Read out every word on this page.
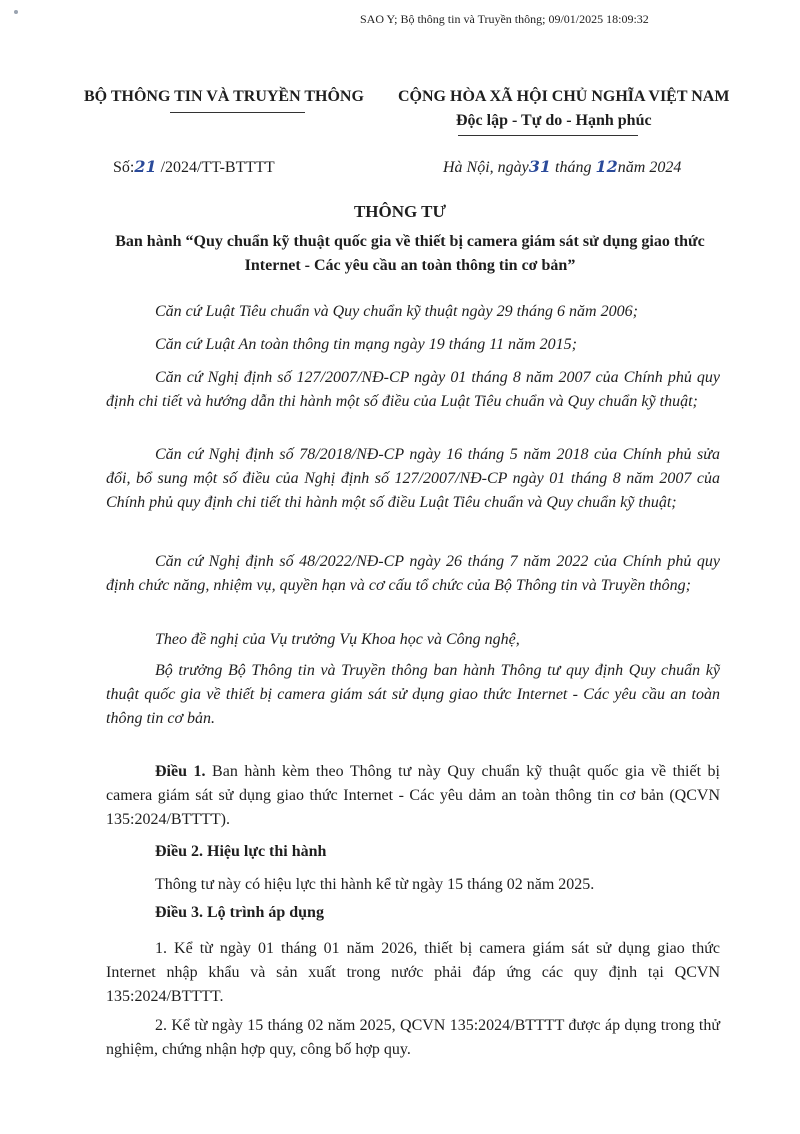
SAO Y; Bộ thông tin và Truyền thông; 09/01/2025 18:09:32
BỘ THÔNG TIN VÀ TRUYỀN THÔNG	CỘNG HÒA XÃ HỘI CHỦ NGHĨA VIỆT NAM
Độc lập - Tự do - Hạnh phúc
Số:21 /2024/TT-BTTTT	Hà Nội, ngày31 tháng 12năm 2024
THÔNG TƯ
Ban hành “Quy chuẩn kỹ thuật quốc gia về thiết bị camera giám sát sử dụng giao thức Internet - Các yêu cầu an toàn thông tin cơ bản”
Căn cứ Luật Tiêu chuẩn và Quy chuẩn kỹ thuật ngày 29 tháng 6 năm 2006;
Căn cứ Luật An toàn thông tin mạng ngày 19 tháng 11 năm 2015;
Căn cứ Nghị định số 127/2007/NĐ-CP ngày 01 tháng 8 năm 2007 của Chính phủ quy định chi tiết và hướng dẫn thi hành một số điều của Luật Tiêu chuẩn và Quy chuẩn kỹ thuật;
Căn cứ Nghị định số 78/2018/NĐ-CP ngày 16 tháng 5 năm 2018 của Chính phủ sửa đổi, bổ sung một số điều của Nghị định số 127/2007/NĐ-CP ngày 01 tháng 8 năm 2007 của Chính phủ quy định chi tiết thi hành một số điều Luật Tiêu chuẩn và Quy chuẩn kỹ thuật;
Căn cứ Nghị định số 48/2022/NĐ-CP ngày 26 tháng 7 năm 2022 của Chính phủ quy định chức năng, nhiệm vụ, quyền hạn và cơ cấu tổ chức của Bộ Thông tin và Truyền thông;
Theo đề nghị của Vụ trưởng Vụ Khoa học và Công nghệ,
Bộ trưởng Bộ Thông tin và Truyền thông ban hành Thông tư quy định Quy chuẩn kỹ thuật quốc gia về thiết bị camera giám sát sử dụng giao thức Internet - Các yêu cầu an toàn thông tin cơ bản.
Điều 1. Ban hành kèm theo Thông tư này Quy chuẩn kỹ thuật quốc gia về thiết bị camera giám sát sử dụng giao thức Internet - Các yêu dảm an toàn thông tin cơ bản (QCVN 135:2024/BTTTT).
Điều 2. Hiệu lực thi hành
Thông tư này có hiệu lực thi hành kể từ ngày 15 tháng 02 năm 2025.
Điều 3. Lộ trình áp dụng
1. Kể từ ngày 01 tháng 01 năm 2026, thiết bị camera giám sát sử dụng giao thức Internet nhập khẩu và sản xuất trong nước phải đáp ứng các quy định tại QCVN 135:2024/BTTTT.
2. Kể từ ngày 15 tháng 02 năm 2025, QCVN 135:2024/BTTTT được áp dụng trong thử nghiệm, chứng nhận hợp quy, công bố hợp quy.
